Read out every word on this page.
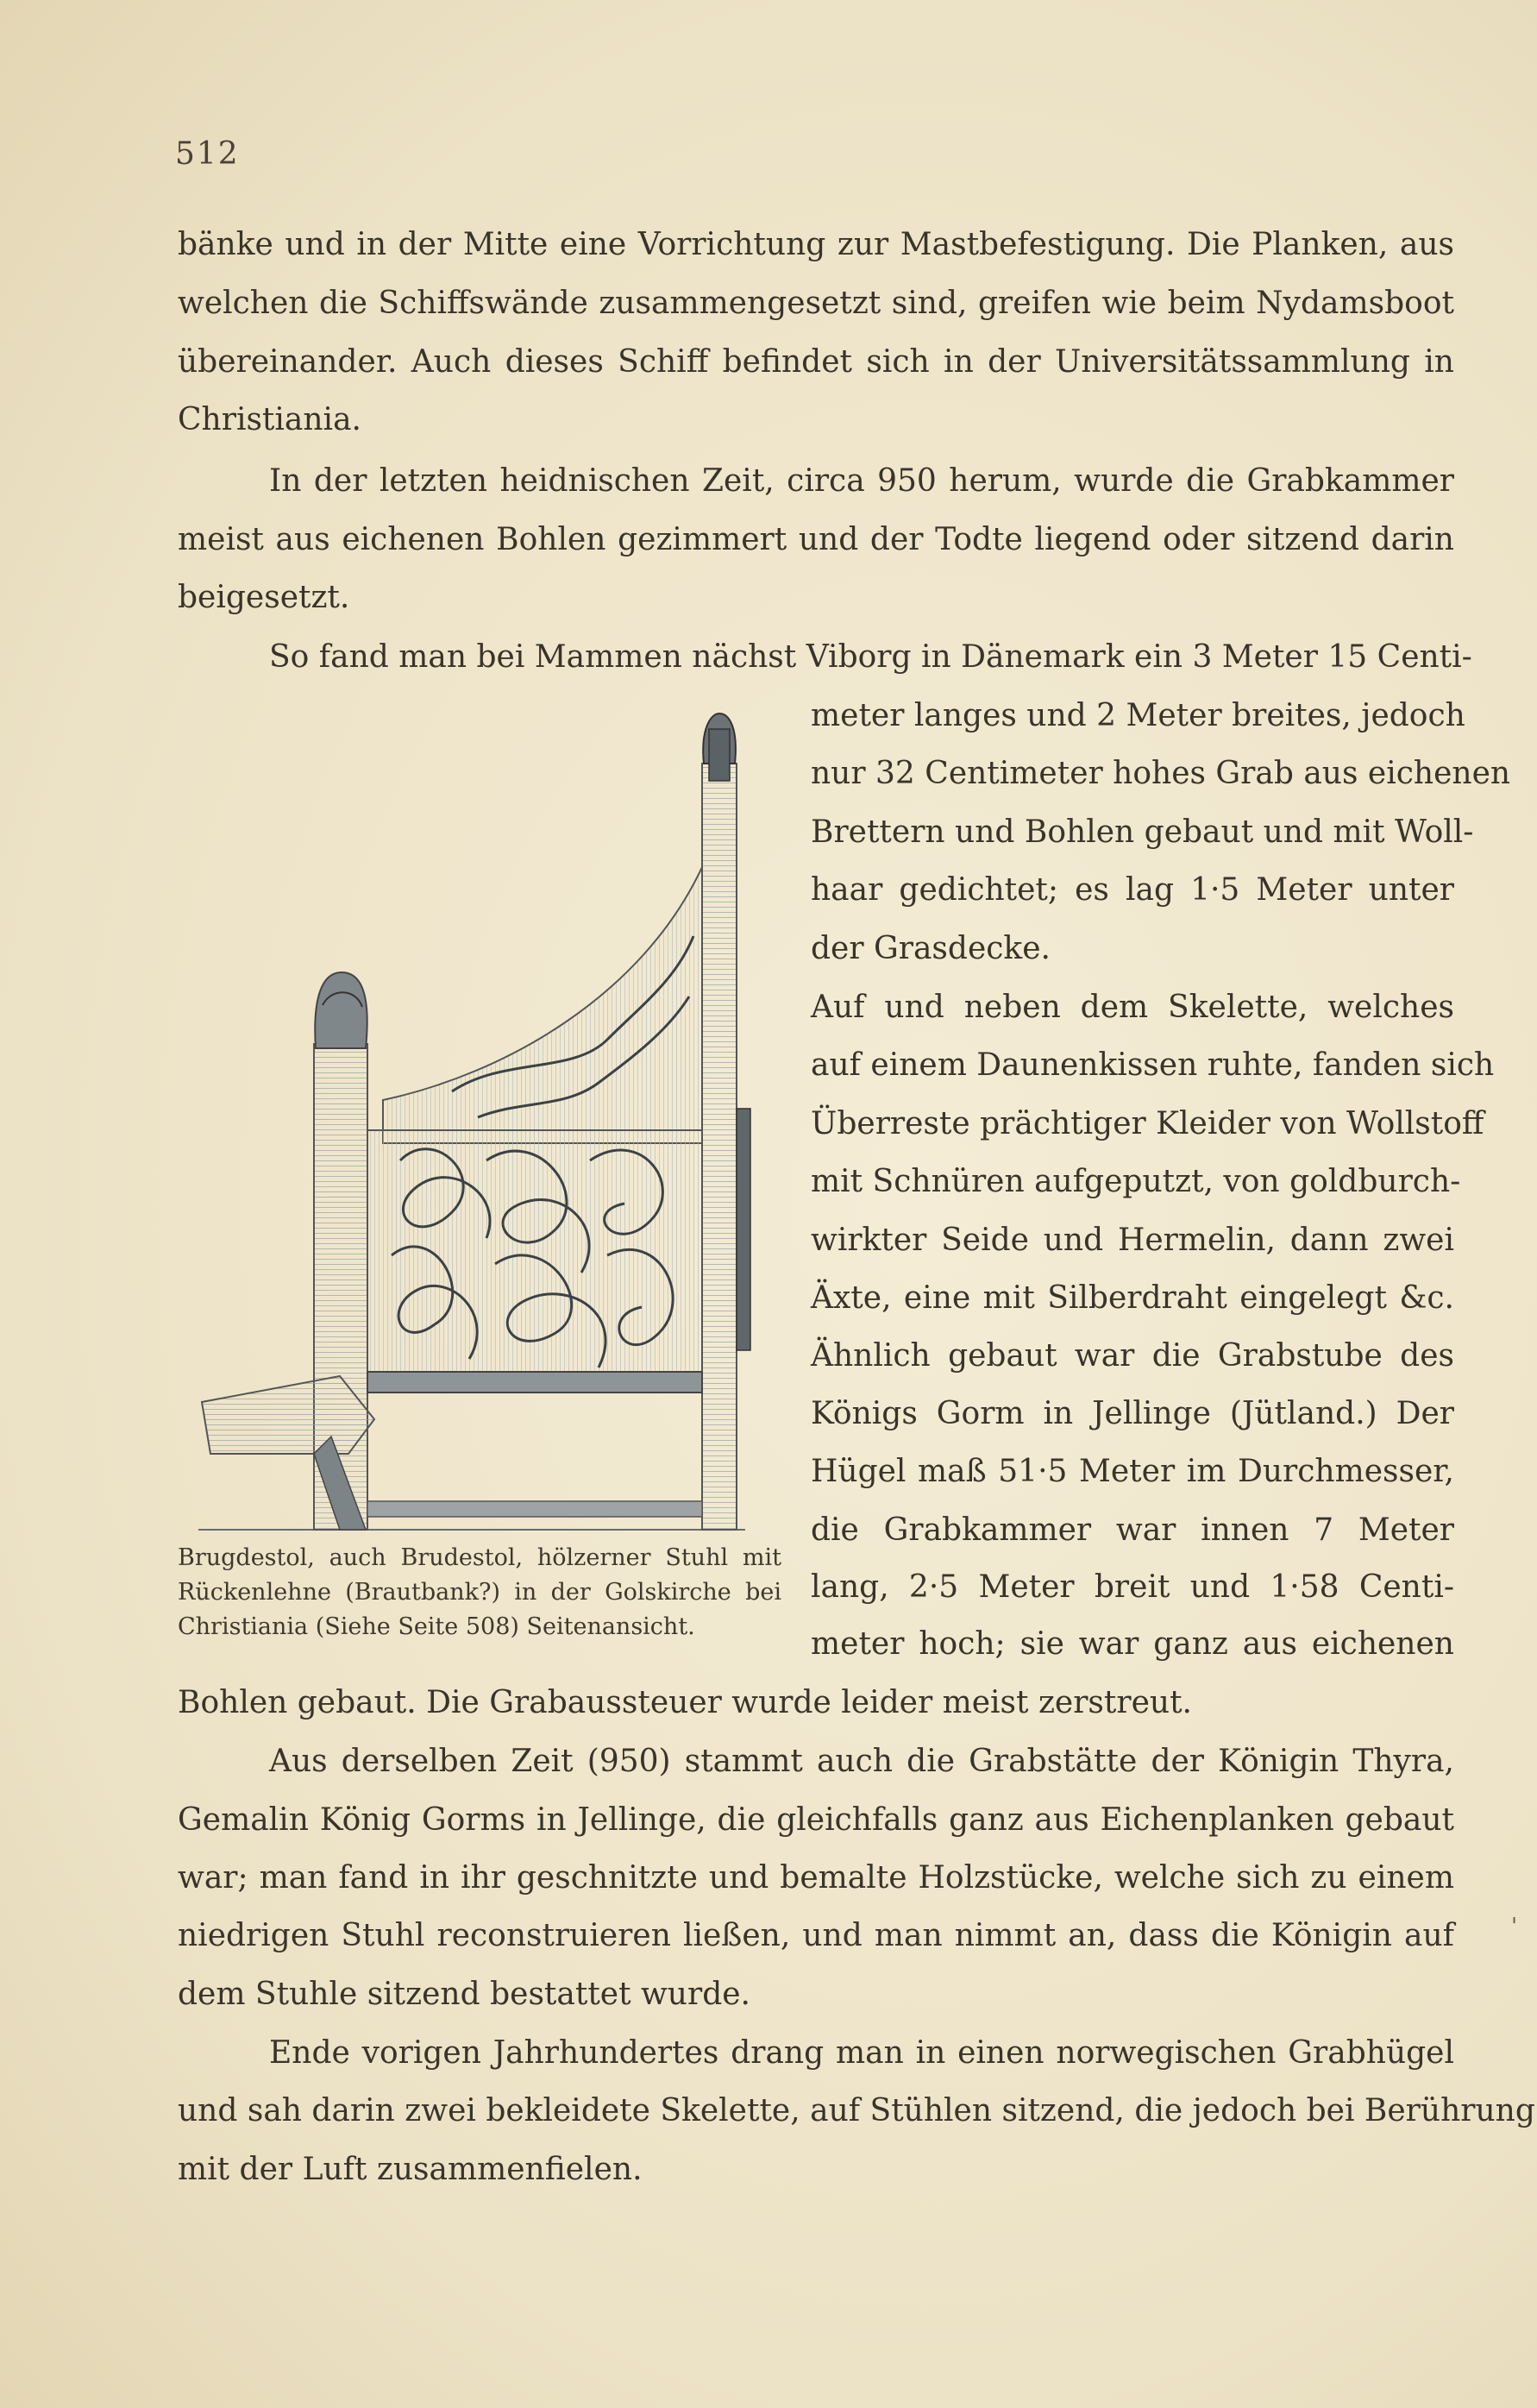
512
bänke und in der Mitte eine Vorrichtung zur Mastbefestigung. Die Planken, aus
welchen die Schiffswände zusammengesetzt sind, greifen wie beim Nydamsboot
übereinander. Auch dieses Schiff befindet sich in der Universitätssammlung in
Christiania.
In der letzten heidnischen Zeit, circa 950 herum, wurde die Grabkammer
meist aus eichenen Bohlen gezimmert und der Todte liegend oder sitzend darin
beigesetzt.
So fand man bei Mammen nächst Viborg in Dänemark ein 3 Meter 15 Centi-
meter langes und 2 Meter breites, jedoch
nur 32 Centimeter hohes Grab aus eichenen
Brettern und Bohlen gebaut und mit Woll-
haar gedichtet; es lag 1·5 Meter unter
der Grasdecke.
Auf und neben dem Skelette, welches
auf einem Daunenkissen ruhte, fanden sich
Überreste prächtiger Kleider von Wollstoff
mit Schnüren aufgeputzt, von goldburch-
wirkter Seide und Hermelin, dann zwei
Äxte, eine mit Silberdraht eingelegt &c.
Ähnlich gebaut war die Grabstube des
Königs Gorm in Jellinge (Jütland.) Der
Hügel maß 51·5 Meter im Durchmesser,
die Grabkammer war innen 7 Meter
lang, 2·5 Meter breit und 1·58 Centi-
meter hoch; sie war ganz aus eichenen
Bohlen gebaut. Die Grabaussteuer wurde leider meist zerstreut.
Aus derselben Zeit (950) stammt auch die Grabstätte der Königin Thyra,
Gemalin König Gorms in Jellinge, die gleichfalls ganz aus Eichenplanken gebaut
war; man fand in ihr geschnitzte und bemalte Holzstücke, welche sich zu einem
niedrigen Stuhl reconstruieren ließen, und man nimmt an, dass die Königin auf
dem Stuhle sitzend bestattet wurde.
Ende vorigen Jahrhundertes drang man in einen norwegischen Grabhügel
und sah darin zwei bekleidete Skelette, auf Stühlen sitzend, die jedoch bei Berührung
mit der Luft zusammenfielen.
Brugdestol, auch Brudestol, hölzerner Stuhl mit
Rückenlehne (Brautbank?) in der Golskirche bei
Christiania (Siehe Seite 508) Seitenansicht.
'
